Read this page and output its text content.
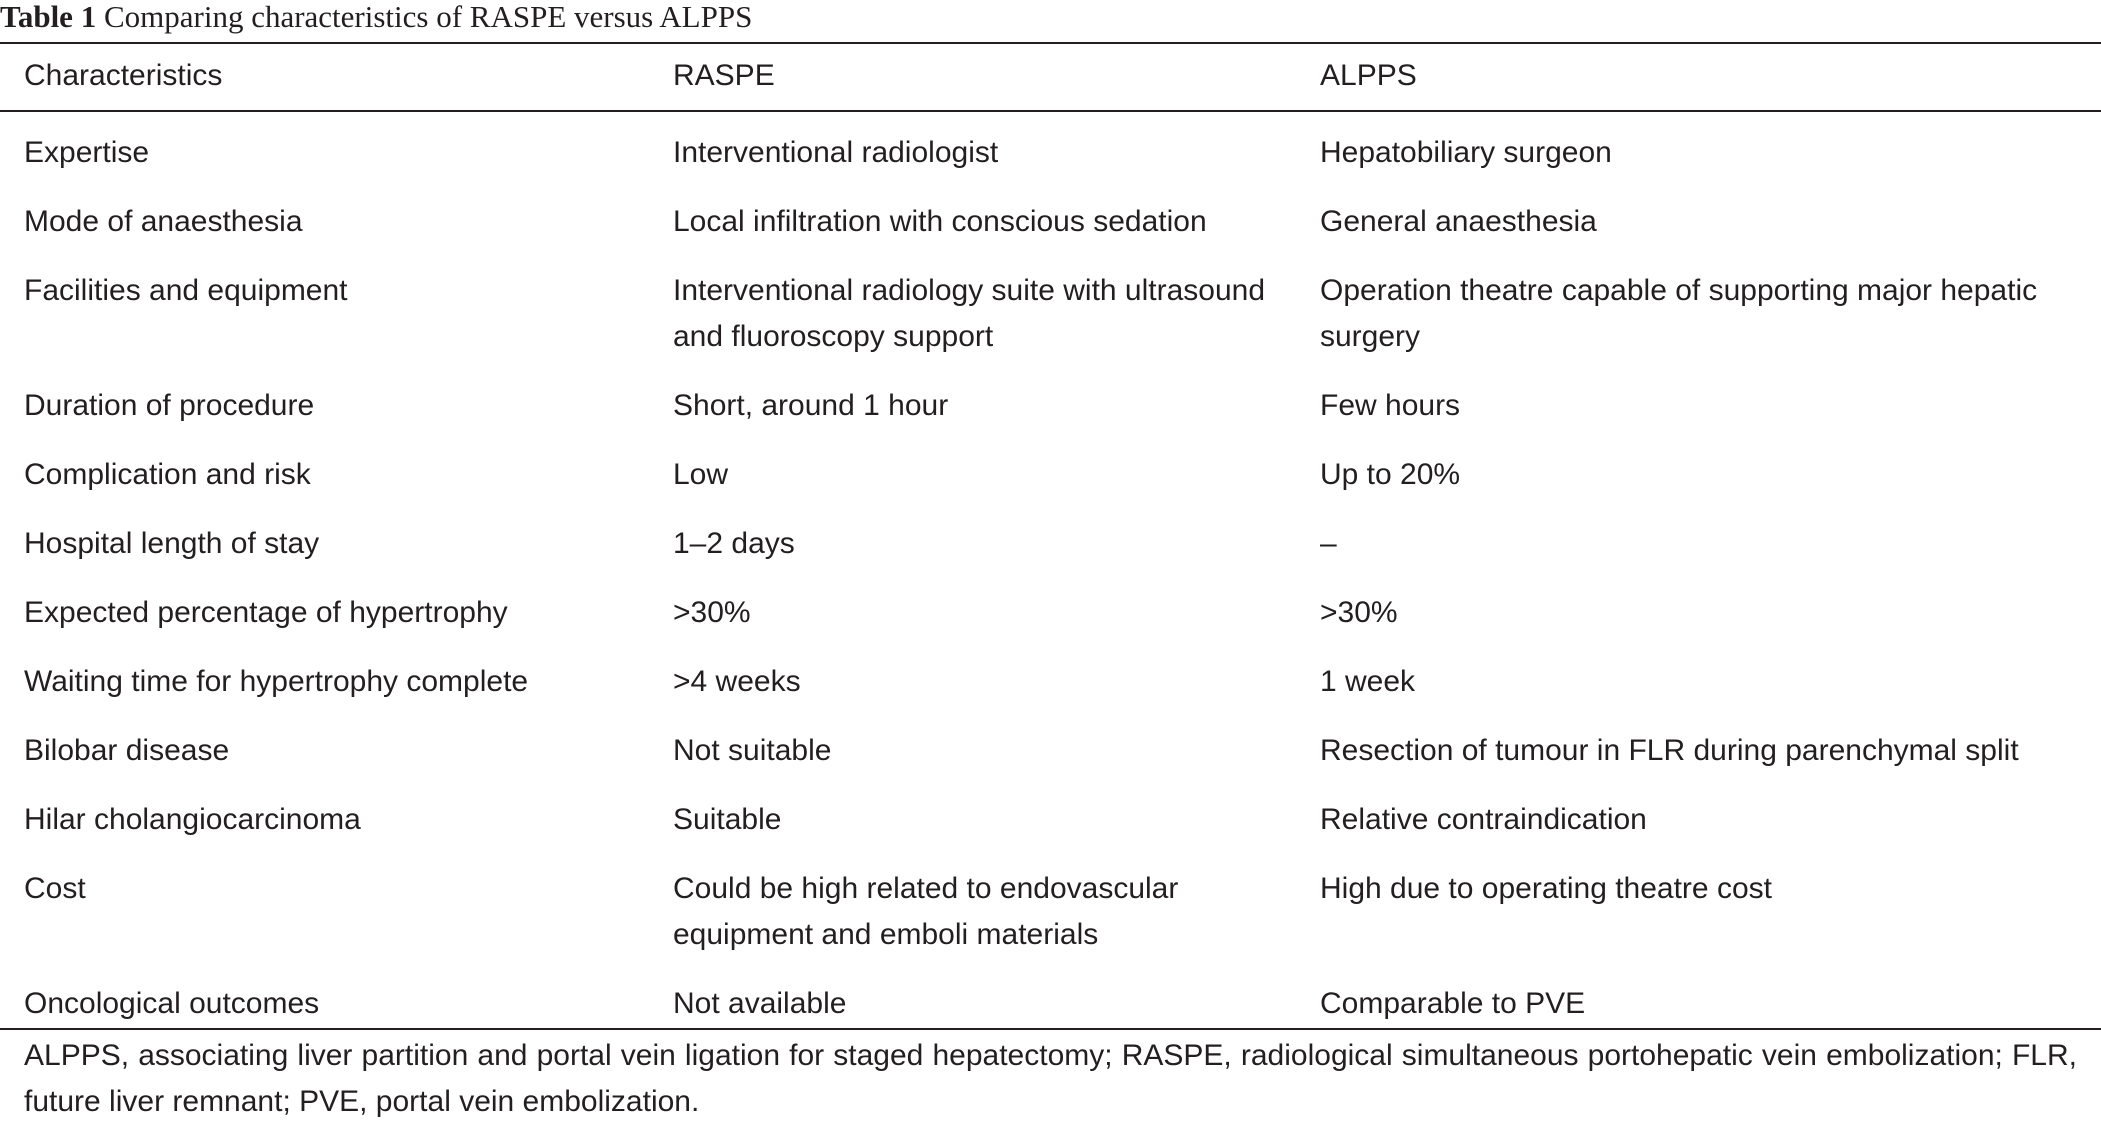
Table 1 Comparing characteristics of RASPE versus ALPPS
Characteristics	RASPE	ALPPS
Expertise	Interventional radiologist	Hepatobiliary surgeon
Mode of anaesthesia	Local infiltration with conscious sedation	General anaesthesia
Facilities and equipment	Interventional radiology suite with ultrasound and fluoroscopy support	Operation theatre capable of supporting major hepatic surgery
Duration of procedure	Short, around 1 hour	Few hours
Complication and risk	Low	Up to 20%
Hospital length of stay	1–2 days	–
Expected percentage of hypertrophy	>30%	>30%
Waiting time for hypertrophy complete	>4 weeks	1 week
Bilobar disease	Not suitable	Resection of tumour in FLR during parenchymal split
Hilar cholangiocarcinoma	Suitable	Relative contraindication
Cost	Could be high related to endovascular equipment and emboli materials	High due to operating theatre cost
Oncological outcomes	Not available	Comparable to PVE
ALPPS, associating liver partition and portal vein ligation for staged hepatectomy; RASPE, radiological simultaneous portohepatic vein embolization; FLR, future liver remnant; PVE, portal vein embolization.
